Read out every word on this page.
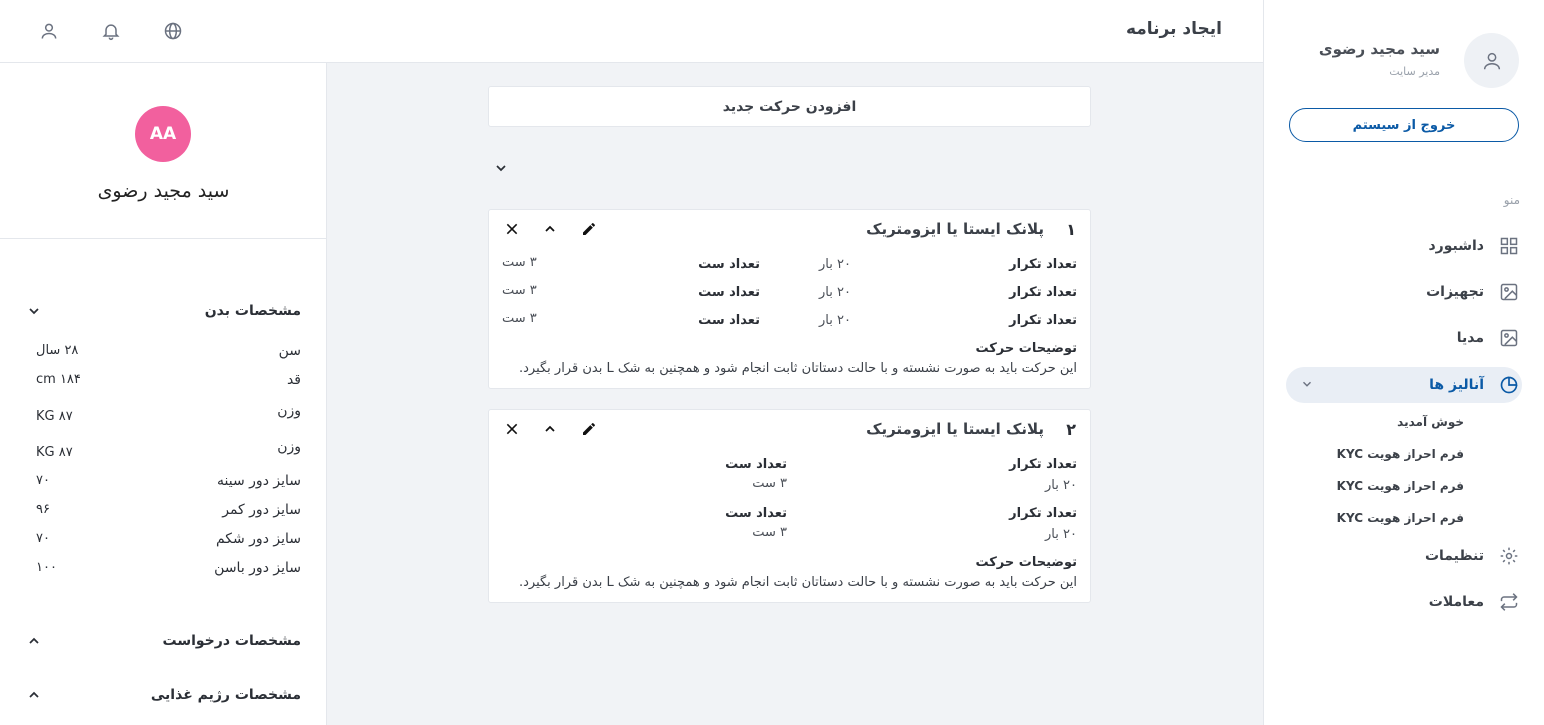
ایجاد برنامه
سید مجید رضوی
مدیر سایت
خروج از سیستم
منو
داشبورد
تجهیزات
مدیا
آنالیز ها
خوش آمدید
فرم احراز هویت KYC
فرم احراز هویت KYC
فرم احراز هویت KYC
تنظیمات
معاملات
AA
سید مجید رضوی
مشخصات بدن
سن
۲۸ سال
قد
۱۸۴ cm
وزن
۸۷ KG
وزن
۸۷ KG
سایز دور سینه
۷۰
سایز دور کمر
۹۶
سایز دور شکم
۷۰
سایز دور باسن
۱۰۰
مشخصات درخواست
مشخصات رژیم غذایی
افزودن حرکت جدید
۱
پلانک ایستا یا ایزومتریک
تعداد تکرار
۲۰ بار
تعداد ست
۳ ست
تعداد تکرار
۲۰ بار
تعداد ست
۳ ست
تعداد تکرار
۲۰ بار
تعداد ست
۳ ست
توضیحات حرکت
این حرکت باید به صورت نشسته و با حالت دستاتان ثابت انجام شود و همچنین به شک L بدن قرار بگیرد.
۲
پلانک ایستا یا ایزومتریک
تعداد تکرار
۲۰ بار
تعداد ست
۳ ست
تعداد تکرار
۲۰ بار
تعداد ست
۳ ست
توضیحات حرکت
این حرکت باید به صورت نشسته و با حالت دستاتان ثابت انجام شود و همچنین به شک L بدن قرار بگیرد.
